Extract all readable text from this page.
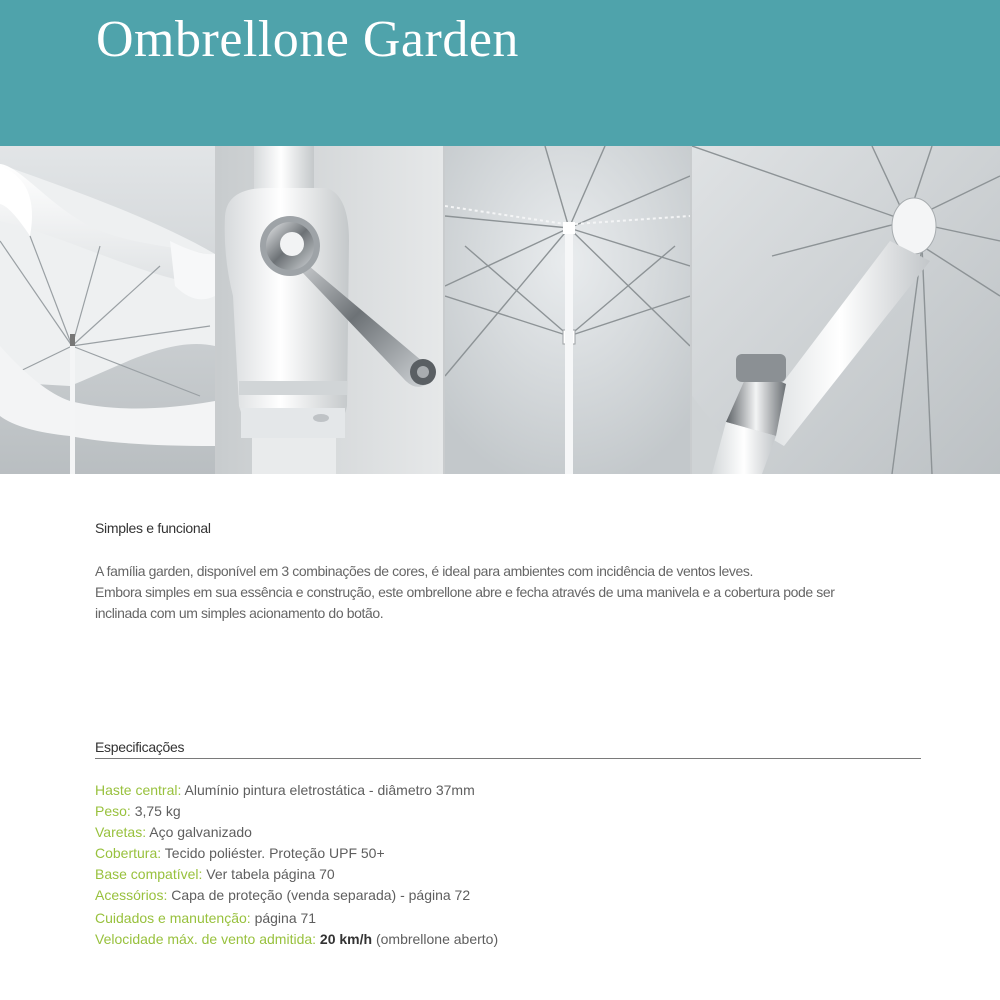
Ombrellone Garden
Simples e funcional

A família garden, disponível em 3 combinações de cores, é ideal para ambientes com incidência de ventos leves.

Embora simples em sua essência e construção, este ombrellone abre e fecha através de uma manivela e a cobertura pode ser

inclinada com um simples acionamento do botão.

Especificações
Haste central: Alumínio pintura eletrostática - diâmetro 37mm
Peso: 3,75 kg
Varetas: Aço galvanizado
Cobertura: Tecido poliéster. Proteção UPF 50+
Base compatível: Ver tabela página 70
Acessórios: Capa de proteção (venda separada) - página 72
Cuidados e manutenção: página 71
Velocidade máx. de vento admitida: 20 km/h (ombrellone aberto)
